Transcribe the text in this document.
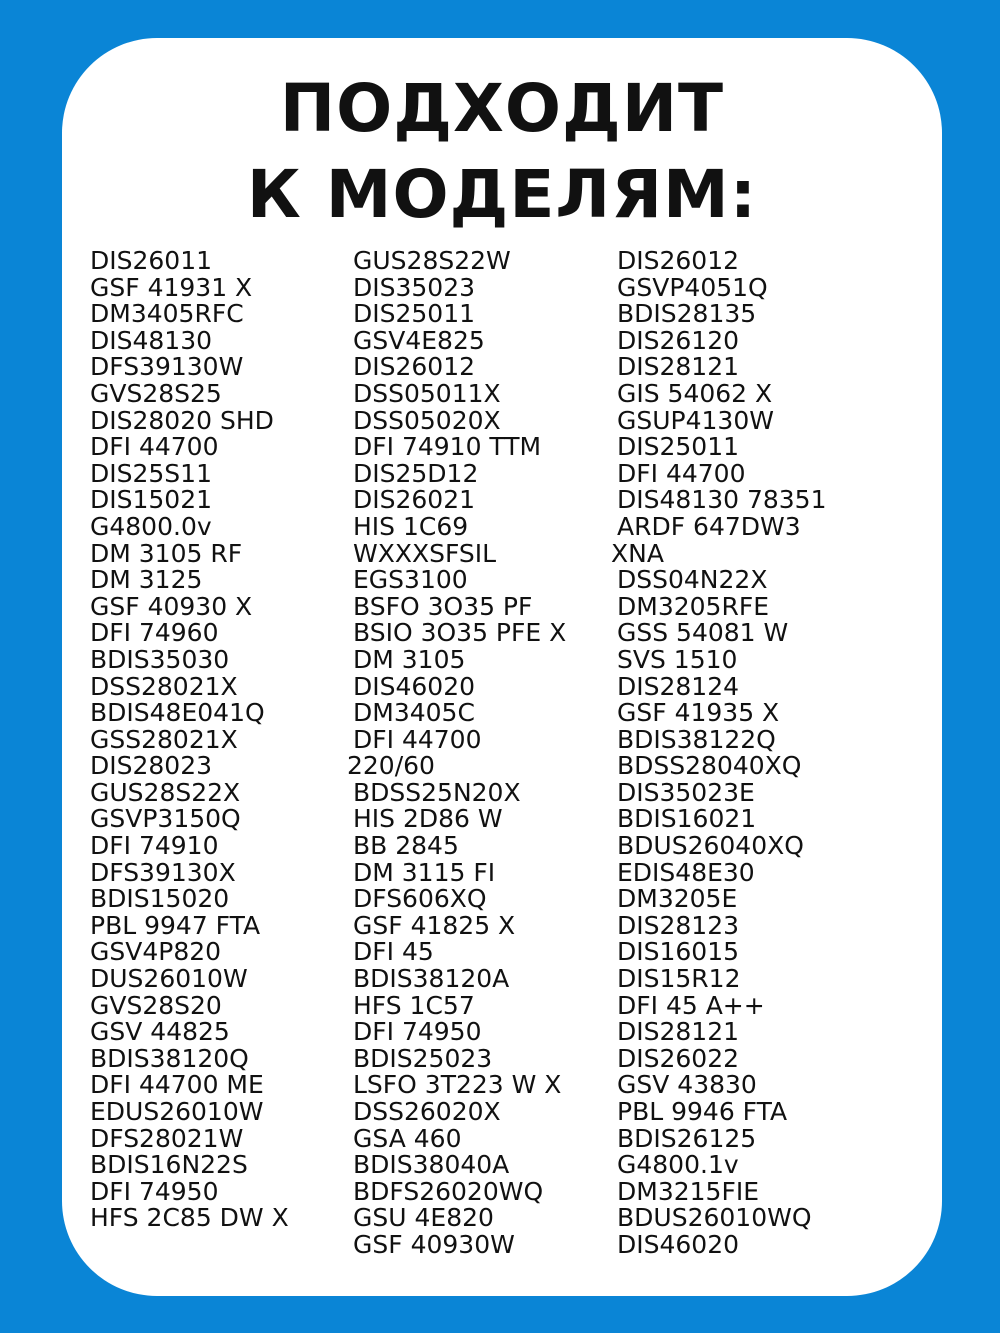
ПОДХОДИТ
К МОДЕЛЯМ:
DIS26011
GSF 41931 X
DM3405RFC
DIS48130
DFS39130W
GVS28S25
DIS28020 SHD
DFI 44700
DIS25S11
DIS15021
G4800.0v
DM 3105 RF
DM 3125
GSF 40930 X
DFI 74960
BDIS35030
DSS28021X
BDIS48E041Q
GSS28021X
DIS28023
GUS28S22X
GSVP3150Q
DFI 74910
DFS39130X
BDIS15020
PBL 9947 FTA
GSV4P820
DUS26010W
GVS28S20
GSV 44825
BDIS38120Q
DFI 44700 ME
EDUS26010W
DFS28021W
BDIS16N22S
DFI 74950
HFS 2C85 DW X
GUS28S22W
DIS35023
DIS25011
GSV4E825
DIS26012
DSS05011X
DSS05020X
DFI 74910 TTM
DIS25D12
DIS26021
HIS 1C69
WXXXSFSIL
EGS3100
BSFO 3O35 PF
BSIO 3O35 PFE X
DM 3105
DIS46020
DM3405C
DFI 44700
220/60
BDSS25N20X
HIS 2D86 W
BB 2845
DM 3115 FI
DFS606XQ
GSF 41825 X
DFI 45
BDIS38120A
HFS 1C57
DFI 74950
BDIS25023
LSFO 3T223 W X
DSS26020X
GSA 460
BDIS38040A
BDFS26020WQ
GSU 4E820
GSF 40930W
DIS26012
GSVP4051Q
BDIS28135
DIS26120
DIS28121
GIS 54062 X
GSUP4130W
DIS25011
DFI 44700
DIS48130 78351
ARDF 647DW3
XNA
DSS04N22X
DM3205RFE
GSS 54081 W
SVS 1510
DIS28124
GSF 41935 X
BDIS38122Q
BDSS28040XQ
DIS35023E
BDIS16021
BDUS26040XQ
EDIS48E30
DM3205E
DIS28123
DIS16015
DIS15R12
DFI 45 A++
DIS28121
DIS26022
GSV 43830
PBL 9946 FTA
BDIS26125
G4800.1v
DM3215FIE
BDUS26010WQ
DIS46020
